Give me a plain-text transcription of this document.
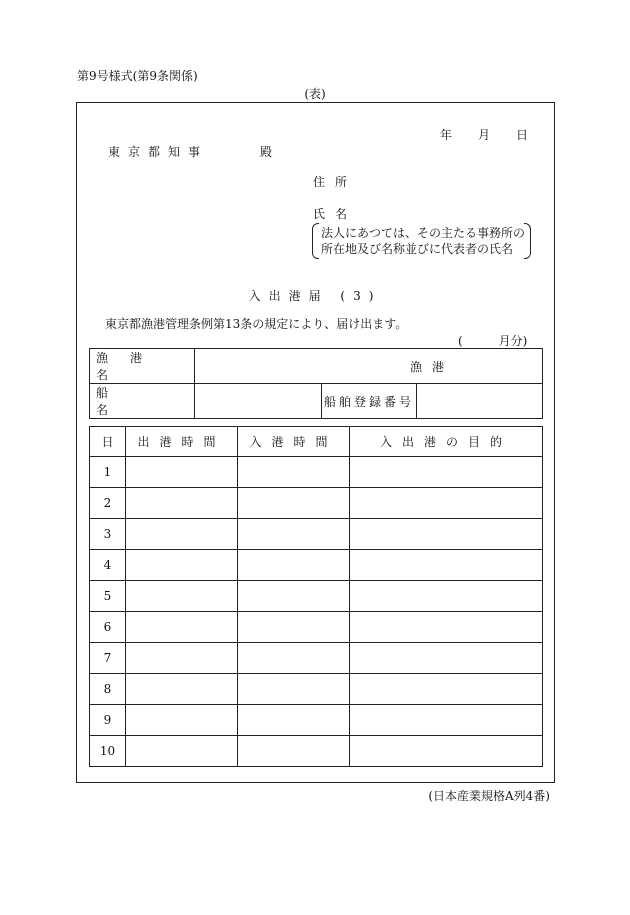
第9号様式(第9条関係)
(表)
年 月 日
東京都知事	殿
住所
氏名
法人にあつては、その主たる事務所の
所在地及び名称並びに代表者の氏名
入出港届 (3)
東京都漁港管理条例第13条の規定により、届け出ます。
(　　　月分)
漁港名	漁港		
船名		船舶登録番号	
日	出港時間	入港時間	入出港の目的
1			
2			
3			
4			
5			
6			
7			
8			
9			
10			
(日本産業規格A列4番)
